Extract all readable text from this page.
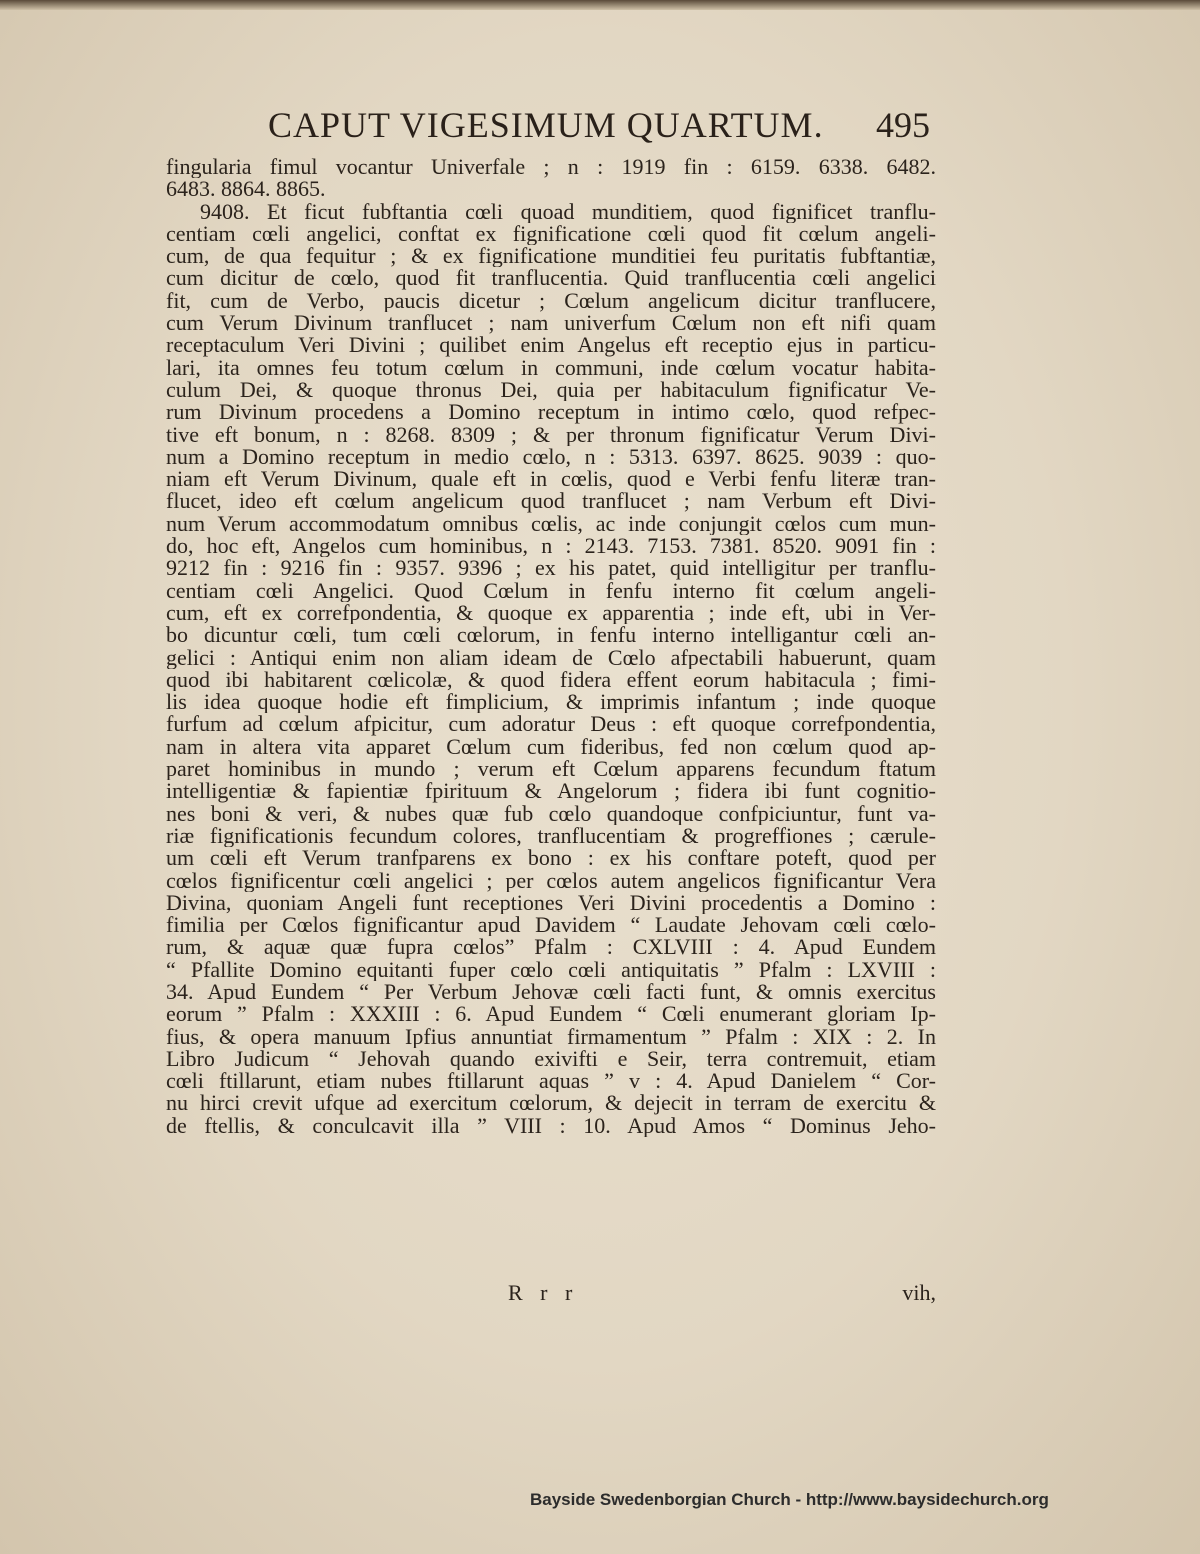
CAPUT VIGESIMUM QUARTUM. 495
fingularia fimul vocantur Univerfale ; n : 1919 fin : 6159. 6338. 6482.
6483. 8864. 8865.
9408. Et ficut fubftantia cœli quoad munditiem, quod fignificet tranflu-
centiam cœli angelici, conftat ex fignificatione cœli quod fit cœlum angeli-
cum, de qua fequitur ; & ex fignificatione munditiei feu puritatis fubftantiæ,
cum dicitur de cœlo, quod fit tranflucentia. Quid tranflucentia cœli angelici
fit, cum de Verbo, paucis dicetur ; Cœlum angelicum dicitur tranflucere,
cum Verum Divinum tranflucet ; nam univerfum Cœlum non eft nifi quam
receptaculum Veri Divini ; quilibet enim Angelus eft receptio ejus in particu-
lari, ita omnes feu totum cœlum in communi, inde cœlum vocatur habita-
culum Dei, & quoque thronus Dei, quia per habitaculum fignificatur Ve-
rum Divinum procedens a Domino receptum in intimo cœlo, quod refpec-
tive eft bonum, n : 8268. 8309 ; & per thronum fignificatur Verum Divi-
num a Domino receptum in medio cœlo, n : 5313. 6397. 8625. 9039 : quo-
niam eft Verum Divinum, quale eft in cœlis, quod e Verbi fenfu literæ tran-
flucet, ideo eft cœlum angelicum quod tranflucet ; nam Verbum eft Divi-
num Verum accommodatum omnibus cœlis, ac inde conjungit cœlos cum mun-
do, hoc eft, Angelos cum hominibus, n : 2143. 7153. 7381. 8520. 9091 fin :
9212 fin : 9216 fin : 9357. 9396 ; ex his patet, quid intelligitur per tranflu-
centiam cœli Angelici. Quod Cœlum in fenfu interno fit cœlum angeli-
cum, eft ex correfpondentia, & quoque ex apparentia ; inde eft, ubi in Ver-
bo dicuntur cœli, tum cœli cœlorum, in fenfu interno intelligantur cœli an-
gelici : Antiqui enim non aliam ideam de Cœlo afpectabili habuerunt, quam
quod ibi habitarent cœlicolæ, & quod fidera effent eorum habitacula ; fimi-
lis idea quoque hodie eft fimplicium, & imprimis infantum ; inde quoque
furfum ad cœlum afpicitur, cum adoratur Deus : eft quoque correfpondentia,
nam in altera vita apparet Cœlum cum fideribus, fed non cœlum quod ap-
paret hominibus in mundo ; verum eft Cœlum apparens fecundum ftatum
intelligentiæ & fapientiæ fpirituum & Angelorum ; fidera ibi funt cognitio-
nes boni & veri, & nubes quæ fub cœlo quandoque confpiciuntur, funt va-
riæ fignificationis fecundum colores, tranflucentiam & progreffiones ; cærule-
um cœli eft Verum tranfparens ex bono : ex his conftare poteft, quod per
cœlos fignificentur cœli angelici ; per cœlos autem angelicos fignificantur Vera
Divina, quoniam Angeli funt receptiones Veri Divini procedentis a Domino :
fimilia per Cœlos fignificantur apud Davidem “ Laudate Jehovam cœli cœlo-
rum, & aquæ quæ fupra cœlos” Pfalm : CXLVIII : 4. Apud Eundem
“ Pfallite Domino equitanti fuper cœlo cœli antiquitatis ” Pfalm : LXVIII :
34. Apud Eundem “ Per Verbum Jehovæ cœli facti funt, & omnis exercitus
eorum ” Pfalm : XXXIII : 6. Apud Eundem “ Cœli enumerant gloriam Ip-
fius, & opera manuum Ipfius annuntiat firmamentum ” Pfalm : XIX : 2. In
Libro Judicum “ Jehovah quando exivifti e Seir, terra contremuit, etiam
cœli ftillarunt, etiam nubes ftillarunt aquas ” v : 4. Apud Danielem “ Cor-
nu hirci crevit ufque ad exercitum cœlorum, & dejecit in terram de exercitu &
de ftellis, & conculcavit illa ” VIII : 10. Apud Amos “ Dominus Jeho-
R r r	vih,
Bayside Swedenborgian Church - http://www.baysidechurch.org
